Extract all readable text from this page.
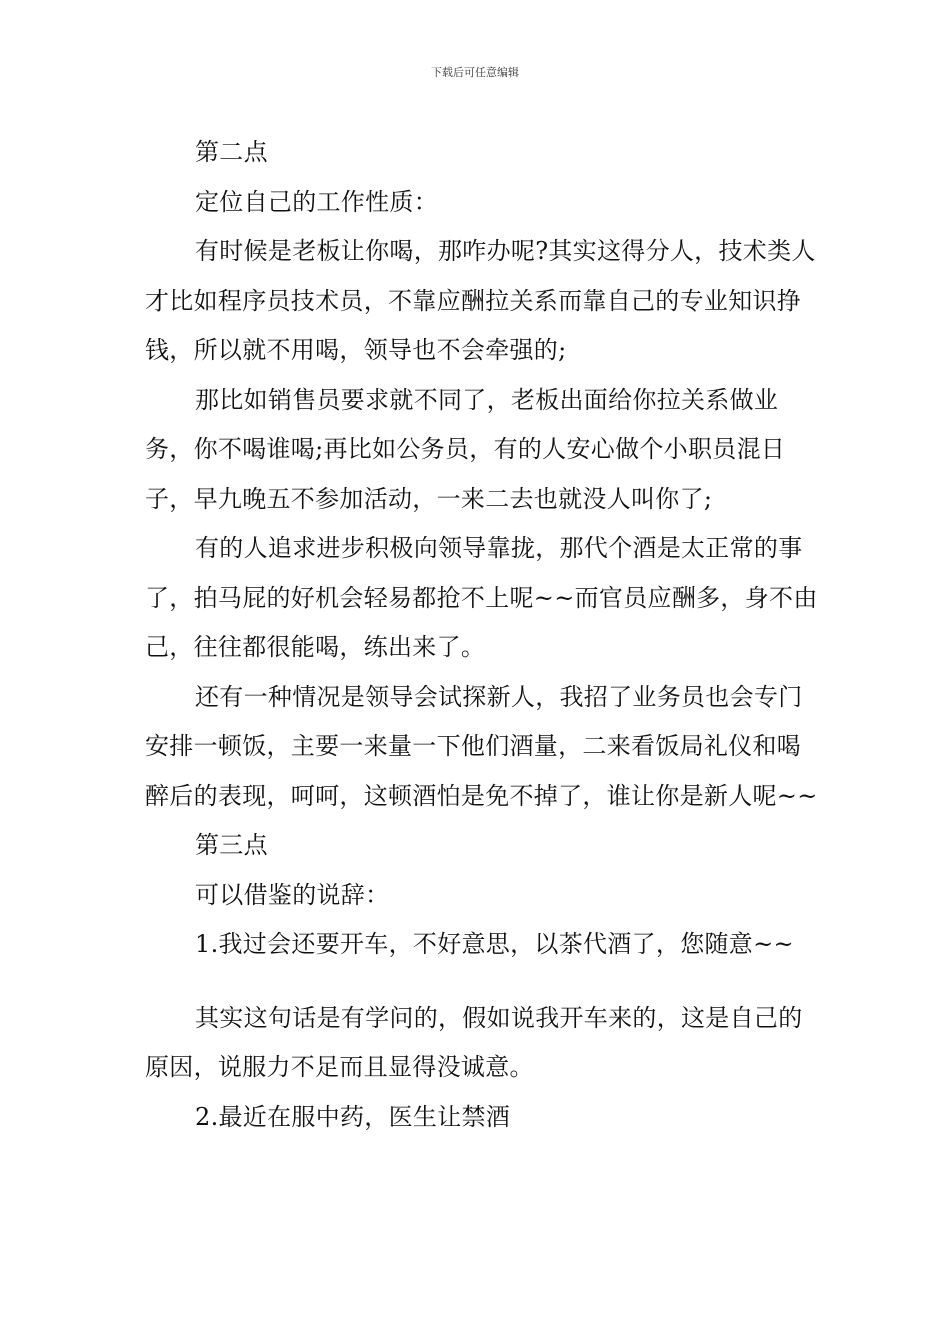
下载后可任意编辑

第二点

定位自己的工作性质：

有时候是老板让你喝，那咋办呢?其实这得分人，技术类人才比如程序员技术员，不靠应酬拉关系而靠自己的专业知识挣钱，所以就不用喝，领导也不会牵强的;

那比如销售员要求就不同了，老板出面给你拉关系做业务，你不喝谁喝;再比如公务员，有的人安心做个小职员混日子，早九晚五不参加活动，一来二去也就没人叫你了;

有的人追求进步积极向领导靠拢，那代个酒是太正常的事了，拍马屁的好机会轻易都抢不上呢~~而官员应酬多，身不由己，往往都很能喝，练出来了。

还有一种情况是领导会试探新人，我招了业务员也会专门安排一顿饭，主要一来量一下他们酒量，二来看饭局礼仪和喝醉后的表现，呵呵，这顿酒怕是免不掉了，谁让你是新人呢~~

第三点

可以借鉴的说辞：

1.我过会还要开车，不好意思，以茶代酒了，您随意~~

其实这句话是有学问的，假如说我开车来的，这是自己的原因，说服力不足而且显得没诚意。

2.最近在服中药，医生让禁酒
